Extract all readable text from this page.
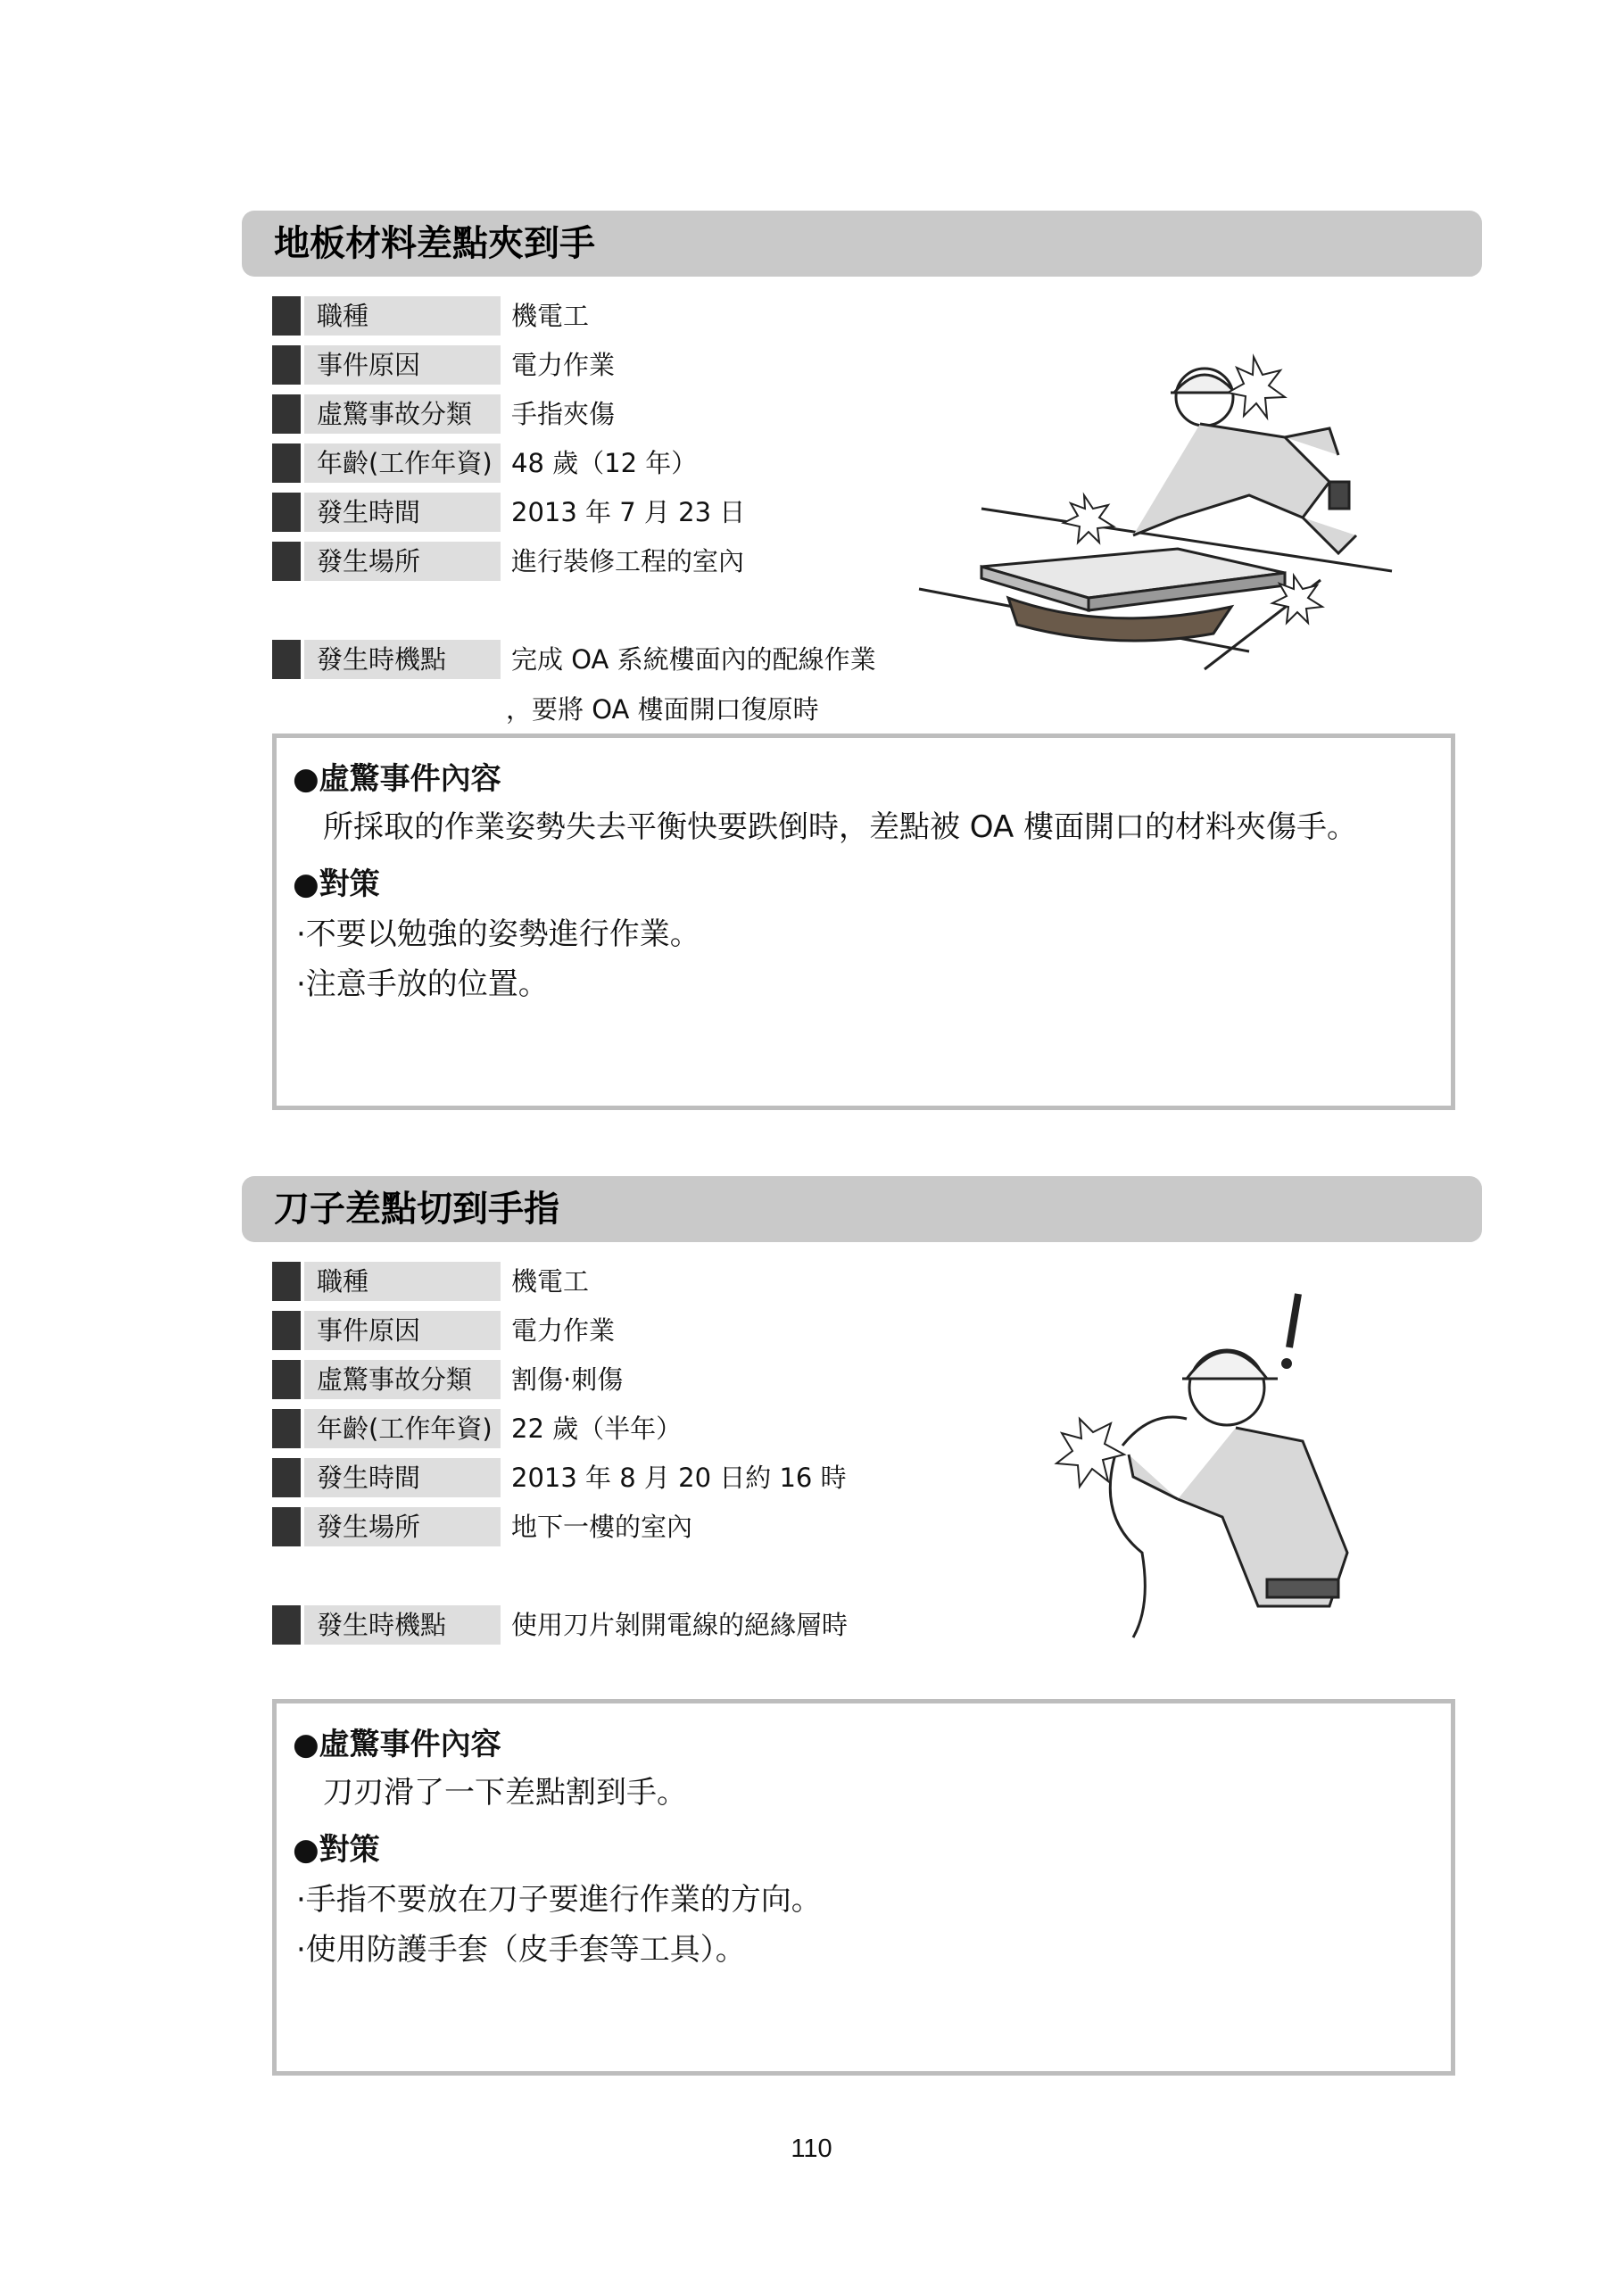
地板材料差點夾到手
職種	機電工
事件原因	電力作業
虛驚事故分類	手指夾傷
年齡(工作年資) 48 歲（12 年）
發生時間	2013 年 7 月 23 日
發生場所	進行裝修工程的室內
發生時機點	完成 OA 系統樓面內的配線作業
，要將 OA 樓面開口復原時
●虛驚事件內容
所採取的作業姿勢失去平衡快要跌倒時，差點被 OA 樓面開口的材料夾傷手。
●對策
·不要以勉強的姿勢進行作業。
·注意手放的位置。
刀子差點切到手指
職種	機電工
事件原因	電力作業
虛驚事故分類	割傷·刺傷
年齡(工作年資) 22 歲（半年）
發生時間	2013 年 8 月 20 日約 16 時
發生場所	地下一樓的室內
發生時機點	使用刀片剝開電線的絕緣層時
●虛驚事件內容
刀刃滑了一下差點割到手。
●對策
·手指不要放在刀子要進行作業的方向。
·使用防護手套（皮手套等工具）。
110
